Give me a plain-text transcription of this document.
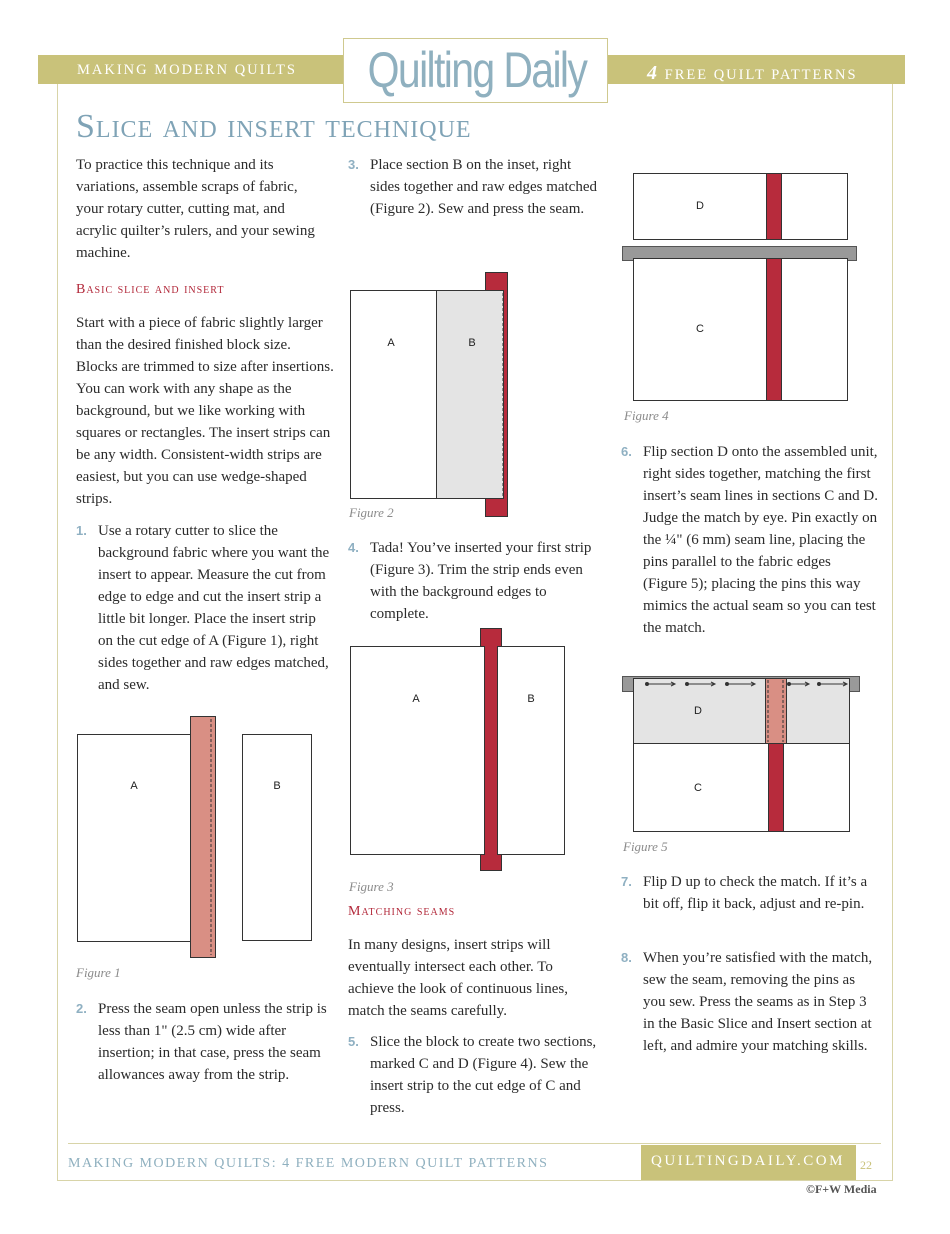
MAKING MODERN QUILTS	4 FREE QUILT PATTERNS
Quilting Daily
Slice and insert technique
To practice this technique and its variations, assemble scraps of fabric, your rotary cutter, cutting mat, and acrylic quilter’s rulers, and your sewing machine.
Basic slice and insert
Start with a piece of fabric slightly larger than the desired finished block size. Blocks are trimmed to size after insertions. You can work with any shape as the background, but we like working with squares or rectangles. The insert strips can be any width. Consistent-width strips are easiest, but you can use wedge-shaped strips.
1. Use a rotary cutter to slice the background fabric where you want the insert to appear. Measure the cut from edge to edge and cut the insert strip a little bit longer. Place the insert strip on the cut edge of A (Figure 1), right sides together and raw edges matched, and sew.
A	B
Figure 1
2. Press the seam open unless the strip is less than 1" (2.5 cm) wide after insertion; in that case, press the seam allowances away from the strip.
3. Place section B on the inset, right sides together and raw edges matched (Figure 2). Sew and press the seam.
A	B
Figure 2
4. Tada! You’ve inserted your first strip (Figure 3). Trim the strip ends even with the background edges to complete.
A	B
Figure 3
Matching seams
In many designs, insert strips will eventually intersect each other. To achieve the look of continuous lines, match the seams carefully.
5. Slice the block to create two sections, marked C and D (Figure 4). Sew the insert strip to the cut edge of C and press.
D
C
Figure 4
6. Flip section D onto the assembled unit, right sides together, matching the first insert’s seam lines in sections C and D. Judge the match by eye. Pin exactly on the ¼" (6 mm) seam line, placing the pins parallel to the fabric edges (Figure 5); placing the pins this way mimics the actual seam so you can test the match.
D
C
Figure 5
7. Flip D up to check the match. If it’s a bit off, flip it back, adjust and re-pin.
8. When you’re satisfied with the match, sew the seam, removing the pins as you sew. Press the seams as in Step 3 in the Basic Slice and Insert section at left, and admire your matching skills.
MAKING MODERN QUILTS: 4 FREE MODERN QUILT PATTERNS	QUILTINGDAILY.COM 22
©F+W Media
